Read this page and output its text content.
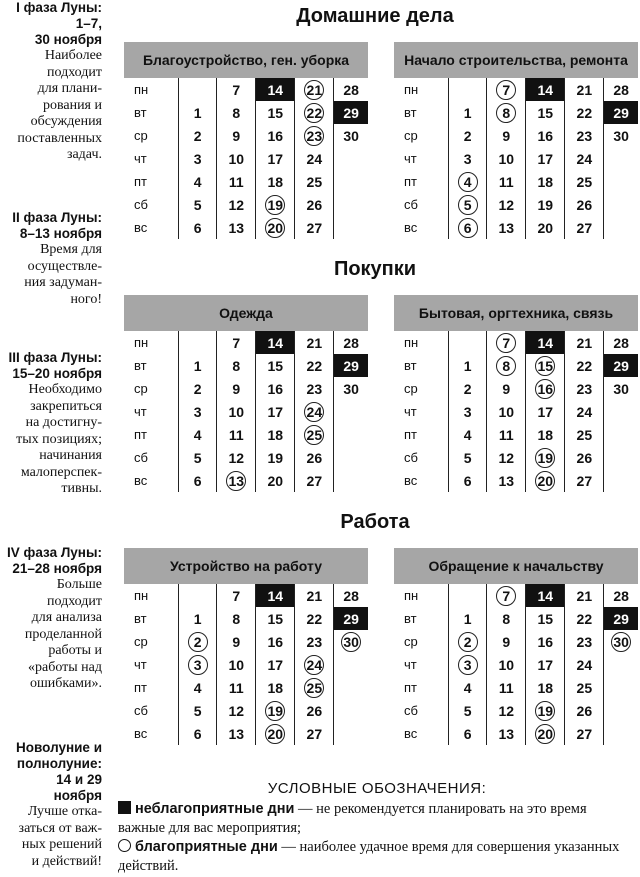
I фаза Луны:
1–7,
30 ноября
Наиболее
подходит
для плани-
рования и
обсуждения
поставленных
задач.
II фаза Луны:
8–13 ноября
Время для
осуществле-
ния задуман-
ного!
III фаза Луны:
15–20 ноября
Необходимо
закрепиться
на достигну-
тых позициях;
начинания
малоперспек-
тивны.
IV фаза Луны:
21–28 ноября
Больше
подходит
для анализа
проделанной
работы и
«работы над
ошибками».
Новолуние и
полнолуние:
14 и 29
ноября
Лучше отка-
заться от важ-
ных решений
и действий!
Домашние дела
Покупки
Работа
Благоустройство, ген. уборка
пн		7	14	21	28
вт	1	8	15	22	29
ср	2	9	16	23	30
чт	3	10	17	24	
пт	4	11	18	25	
сб	5	12	19	26	
вс	6	13	20	27	
Начало строительства, ремонта
пн		7	14	21	28
вт	1	8	15	22	29
ср	2	9	16	23	30
чт	3	10	17	24	
пт	4	11	18	25	
сб	5	12	19	26	
вс	6	13	20	27	
Одежда
пн		7	14	21	28
вт	1	8	15	22	29
ср	2	9	16	23	30
чт	3	10	17	24	
пт	4	11	18	25	
сб	5	12	19	26	
вс	6	13	20	27	
Бытовая, оргтехника, связь
пн		7	14	21	28
вт	1	8	15	22	29
ср	2	9	16	23	30
чт	3	10	17	24	
пт	4	11	18	25	
сб	5	12	19	26	
вс	6	13	20	27	
Устройство на работу
пн		7	14	21	28
вт	1	8	15	22	29
ср	2	9	16	23	30
чт	3	10	17	24	
пт	4	11	18	25	
сб	5	12	19	26	
вс	6	13	20	27	
Обращение к начальству
пн		7	14	21	28
вт	1	8	15	22	29
ср	2	9	16	23	30
чт	3	10	17	24	
пт	4	11	18	25	
сб	5	12	19	26	
вс	6	13	20	27	
УСЛОВНЫЕ ОБОЗНАЧЕНИЯ:
неблагоприятные дни — не рекомендуется планировать на это время важные для вас мероприятия;
благоприятные дни — наиболее удачное время для совершения указанных действий.
